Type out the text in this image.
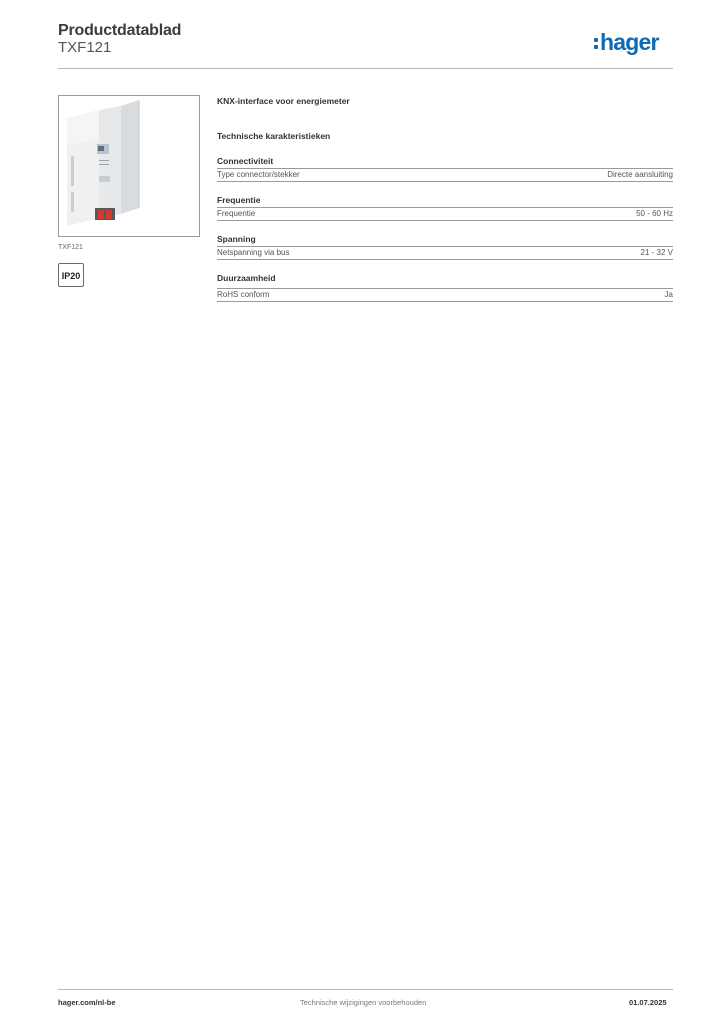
Productdatablad
TXF121	hager
TXF121
IP20
KNX-interface voor energiemeter
Technische karakteristieken
Connectiviteit
Type connector/stekker	Directe aansluiting
Frequentie
Frequentie	50 - 60 Hz
Spanning
Netspanning via bus	21 - 32 V
Duurzaamheid
RoHS conform	Ja
hager.com/nl-be	Technische wijzigingen voorbehouden	01.07.2025
